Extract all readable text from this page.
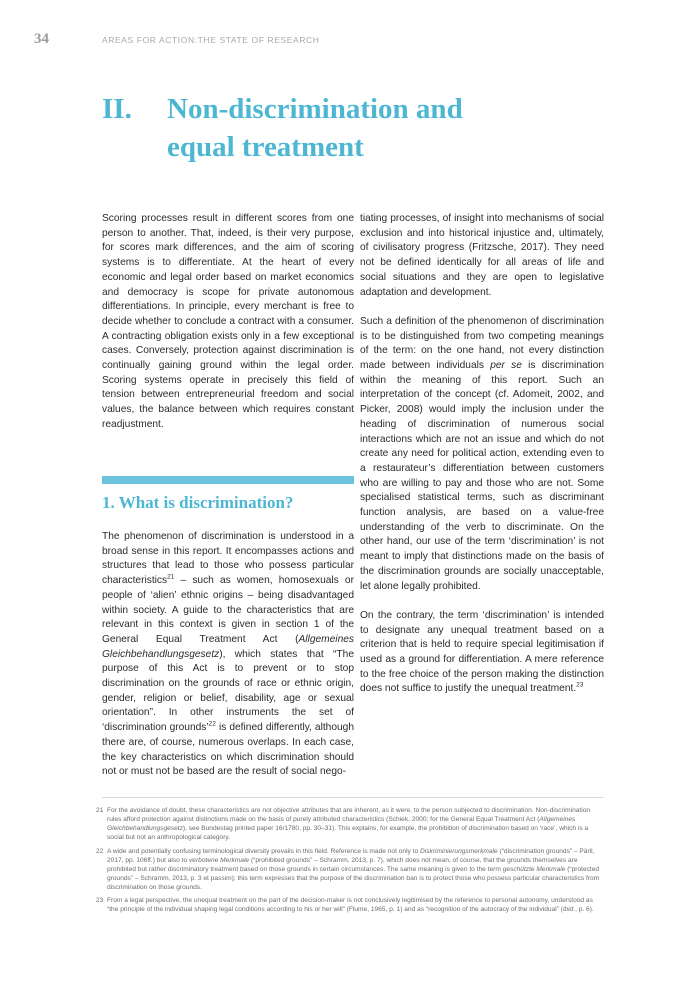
34	AREAS FOR ACTION:THE STATE OF RESEARCH
II.	Non-discrimination and equal treatment

Scoring processes result in different scores from one person to another. That, indeed, is their very purpose, for scores mark differences, and the aim of scoring systems is to differentiate. At the heart of every economic and legal order based on market economics and democracy is scope for private autonomous differentiations. In principle, every merchant is free to decide whether to conclude a contract with a consumer. A contracting obligation exists only in a few exceptional cases. Conversely, protection against discrimination is continually gaining ground within the legal order. Scoring systems operate in precisely this field of tension between entrepreneurial freedom and social values, the balance between which requires constant readjustment.

1. What is discrimination?

The phenomenon of discrimination is understood in a broad sense in this report. It encompasses actions and structures that lead to those who possess particular characteristics$^{21}$ – such as women, homosexuals or people of ‘alien’ ethnic origins – being disadvantaged within society. A guide to the characteristics that are relevant in this context is given in section 1 of the General Equal Treatment Act (Allgemeines Gleichbehandlungsgesetz), which states that “The purpose of this Act is to prevent or to stop discrimination on the grounds of race or ethnic origin, gender, religion or belief, disability, age or sexual orientation”. In other instruments the set of ‘discrimination grounds’$^{22}$ is defined differently, although there are, of course, numerous overlaps. In each case, the key characteristics on which discrimination should not or must not be based are the result of social nego-

tiating processes, of insight into mechanisms of social exclusion and into historical injustice and, ultimately, of civilisatory progress (Fritzsche, 2017). They need not be defined identically for all areas of life and social situations and they are open to legislative adaptation and development.

Such a definition of the phenomenon of discrimination is to be distinguished from two competing meanings of the term: on the one hand, not every distinction made between individuals per se is discrimination within the meaning of this report. Such an interpretation of the concept (cf. Adomeit, 2002, and Picker, 2008) would imply the inclusion under the heading of discrimination of numerous social interactions which are not an issue and which do not create any need for political action, extending even to a restaurateur’s differentiation between customers who are willing to pay and those who are not. Some specialised statistical terms, such as discriminant function analysis, are based on a value-free understanding of the verb to discriminate. On the other hand, our use of the term ‘discrimination’ is not meant to imply that distinctions made on the basis of the discrimination grounds are socially unacceptable, let alone legally prohibited.

On the contrary, the term ‘discrimination’ is intended to designate any unequal treatment based on a criterion that is held to require special legitimisation if used as a ground for differentiation. A mere reference to the free choice of the person making the distinction does not suffice to justify the unequal treatment.$^{23}$

21 For the avoidance of doubt, these characteristics are not objective attributes that are inherent, as it were, to the person subjected to discrimination. Non-discrimination rules afford protection against distinctions made on the basis of purely attributed characteristics (Schiek, 2000; for the General Equal Treatment Act (Allgemeines Gleichbehandlungsgesetz), see Bundestag printed paper 16/1780, pp. 30–31). This explains, for example, the prohibition of discrimination based on ‘race’, which is a social but not an anthropological category.
22 A wide and potentially confusing terminological diversity prevails in this field. Reference is made not only to Diskriminierungsmerkmale (“discrimination grounds” – Pärli, 2017, pp. 106ff.) but also to verbotene Merkmale (“prohibited grounds” – Schramm, 2013, p. 7), which does not mean, of course, that the grounds themselves are prohibited but rather discriminatory treatment based on those grounds in certain circumstances. The same meaning is given to the term geschützte Merkmale (“protected grounds” – Schramm, 2013, p. 3 et passim); this term expresses that the purpose of the discrimination ban is to protect those who possess particular characteristics from discrimination on those grounds.
23 From a legal perspective, the unequal treatment on the part of the decision-maker is not conclusively legitimised by the reference to personal autonomy, understood as “the principle of the individual shaping legal conditions according to his or her will” (Flume, 1965, p. 1) and as “recognition of the autocracy of the individual” (ibid., p. 6).
